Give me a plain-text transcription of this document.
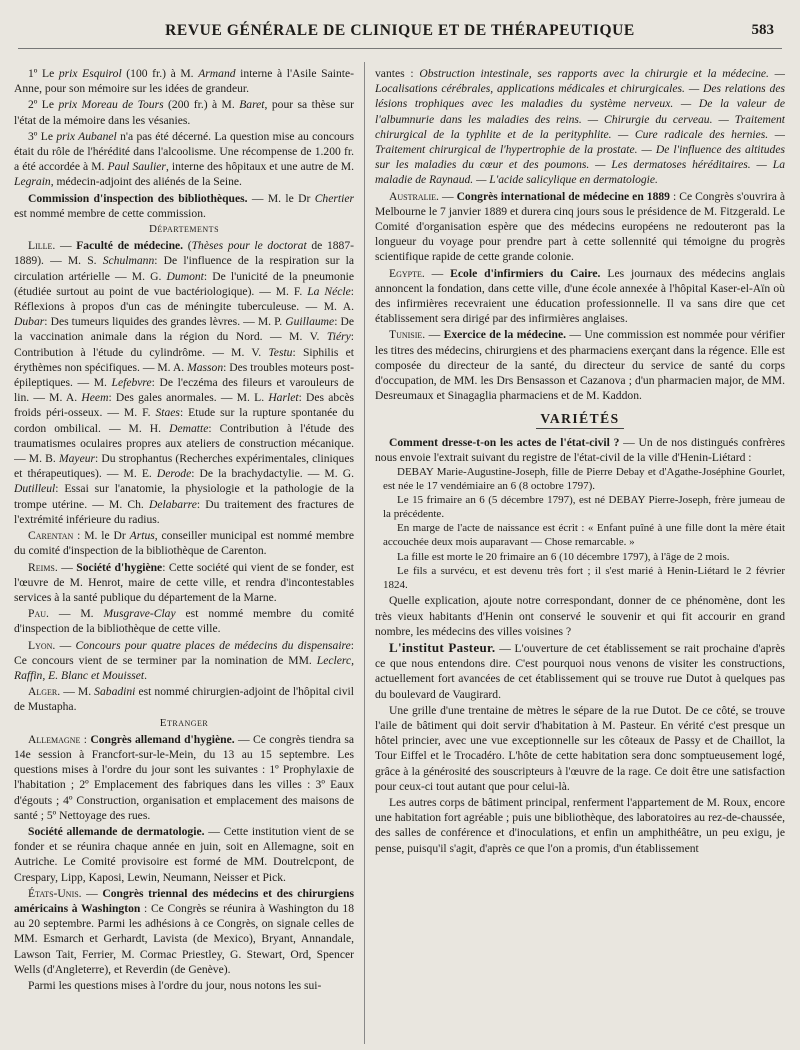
REVUE GÉNÉRALE DE CLINIQUE ET DE THÉRAPEUTIQUE	583

1º Le prix Esquirol (100 fr.) à M. Armand interne à l'Asile Sainte-Anne, pour son mémoire sur les idées de grandeur.

2º Le prix Moreau de Tours (200 fr.) à M. Baret, pour sa thèse sur l'état de la mémoire dans les vésanies.

3º Le prix Aubanel n'a pas été décerné. La question mise au concours était du rôle de l'hérédité dans l'alcoolisme. Une récompense de 1.200 fr. a été accordée à M. Paul Saulier, interne des hôpitaux et une autre de M. Legrain, médecin-adjoint des aliénés de la Seine.

Commission d'inspection des bibliothèques. — M. le Dr Chertier est nommé membre de cette commission.

Départements

Lille. — Faculté de médecine. (Thèses pour le doctorat de 1887-1889). — M. S. Schulmann: De l'influence de la respiration sur la circulation artérielle — M. G. Dumont: De l'unicité de la pneumonie (étudiée surtout au point de vue bactériologique). — M. F. La Nécle: Réflexions à propos d'un cas de méningite tuberculeuse. — M. A. Dubar: Des tumeurs liquides des grandes lèvres. — M. P. Guillaume: De la vaccination animale dans la région du Nord. — M. V. Tiéry: Contribution à l'étude du cylindrôme. — M. V. Testu: Siphilis et érythèmes non spécifiques. — M. A. Masson: Des troubles moteurs post-épileptiques. — M. Lefebvre: De l'eczéma des fileurs et varouleurs de lin. — M. A. Heem: Des gales anormales. — M. L. Harlet: Des abcès froids péri-osseux. — M. F. Staes: Etude sur la rupture spontanée du cordon ombilical. — M. H. Dematte: Contribution à l'étude des traumatismes oculaires propres aux ateliers de construction mécanique. — M. B. Mayeur: Du strophantus (Recherches expérimentales, cliniques et thérapeutiques). — M. E. Derode: De la brachydactylie. — M. G. Dutilleul: Essai sur l'anatomie, la physiologie et la pathologie de la trompe utérine. — M. Ch. Delabarre: Du traitement des fractures de l'extrémité inférieure du radius.

Carentan : M. le Dr Artus, conseiller municipal est nommé membre du comité d'inspection de la bibliothèque de Carenton.

Reims. — Société d'hygiène: Cette société qui vient de se fonder, est l'œuvre de M. Henrot, maire de cette ville, et rendra d'incontestables services à la santé publique du département de la Marne.

Pau. — M. Musgrave-Clay est nommé membre du comité d'inspection de la bibliothèque de cette ville.

Lyon. — Concours pour quatre places de médecins du dispensaire: Ce concours vient de se terminer par la nomination de MM. Leclerc, Raffin, E. Blanc et Mouisset.

Alger. — M. Sabadini est nommé chirurgien-adjoint de l'hôpital civil de Mustapha.

Etranger

Allemagne : Congrès allemand d'hygiène. — Ce congrès tiendra sa 14e session à Francfort-sur-le-Mein, du 13 au 15 septembre. Les questions mises à l'ordre du jour sont les suivantes : 1º Prophylaxie de l'habitation ; 2º Emplacement des fabriques dans les villes : 3º Eaux d'égouts ; 4º Construction, organisation et emplacement des maisons de santé ; 5º Nettoyage des rues.

Société allemande de dermatologie. — Cette institution vient de se fonder et se réunira chaque année en juin, soit en Allemagne, soit en Autriche. Le Comité provisoire est formé de MM. Doutrelcpont, de Crespary, Lipp, Kaposi, Lewin, Neumann, Neisser et Pick.

États-Unis. — Congrès triennal des médecins et des chirurgiens américains à Washington : Ce Congrès se réunira à Washington du 18 au 20 septembre. Parmi les adhésions à ce Congrès, on signale celles de MM. Esmarch et Gerhardt, Lavista (de Mexico), Bryant, Annandale, Lawson Tait, Ferrier, M. Cormac Priestley, G. Stewart, Ord, Spencer Wells (d'Angleterre), et Reverdin (de Genève).

Parmi les questions mises à l'ordre du jour, nous notons les sui-

vantes : Obstruction intestinale, ses rapports avec la chirurgie et la médecine. — Localisations cérébrales, applications médicales et chirurgicales. — Des relations des lésions trophiques avec les maladies du système nerveux. — De la valeur de l'albumnurie dans les maladies des reins. — Chirurgie du cerveau. — Traitement chirurgical de la typhlite et de la perityphlite. — Cure radicale des hernies. — Traitement chirurgical de l'hypertrophie de la prostate. — De l'influence des altitudes sur les maladies du cœur et des poumons. — Les dermatoses héréditaires. — La maladie de Raynaud. — L'acide salicylique en dermatologie.

Australie. — Congrès international de médecine en 1889 : Ce Congrès s'ouvrira à Melbourne le 7 janvier 1889 et durera cinq jours sous le présidence de M. Fitzgerald. Le Comité d'organisation espère que des médecins européens ne redouteront pas la longueur du voyage pour prendre part à cette sollennité qui témoigne du progrès scientifique rapide de cette grande colonie.

Egypte. — Ecole d'infirmiers du Caire. Les journaux des médecins anglais annoncent la fondation, dans cette ville, d'une école annexée à l'hôpital Kaser-el-Aïn où des infirmières recevraient une éducation professionnelle. Il va sans dire que cet établissement sera dirigé par des infirmières anglaises.

Tunisie. — Exercice de la médecine. — Une commission est nommée pour vérifier les titres des médecins, chirurgiens et des pharmaciens exerçant dans la régence. Elle est composée du directeur de la santé, du directeur du service de santé du corps d'occupation, de MM. les Drs Bensasson et Cazanova ; d'un pharmacien major, de MM. Desreumaux et Sinagaglia pharmaciens et de M. Kaddon.

VARIÉTÉS

Comment dresse-t-on les actes de l'état-civil ? — Un de nos distingués confrères nous envoie l'extrait suivant du registre de l'état-civil de la ville d'Henin-Liétard :

DEBAY Marie-Augustine-Joseph, fille de Pierre Debay et d'Agathe-Joséphine Gourlet, est née le 17 vendémiaire an 6 (8 octobre 1797).

Le 15 frimaire an 6 (5 décembre 1797), est né DEBAY Pierre-Joseph, frère jumeau de la précédente.

En marge de l'acte de naissance est écrit : « Enfant puîné à une fille dont la mère était accouchée deux mois auparavant — Chose remarcable. »

La fille est morte le 20 frimaire an 6 (10 décembre 1797), à l'âge de 2 mois.

Le fils a survécu, et est devenu très fort ; il s'est marié à Henin-Liétard le 2 février 1824.

Quelle explication, ajoute notre correspondant, donner de ce phénomène, dont les très vieux habitants d'Henin ont conservé le souvenir et qui fit accourir en grand nombre, les médecins des villes voisines ?

L'institut Pasteur. — L'ouverture de cet établissement se rait prochaine d'après ce que nous entendons dire. C'est pourquoi nous venons de visiter les constructions, actuellement fort avancées de cet établissement qui se trouve rue Dutot à quelques pas du boulevard de Vaugirard.

Une grille d'une trentaine de mètres le sépare de la rue Dutot. De ce côté, se trouve l'aile de bâtiment qui doit servir d'habitation à M. Pasteur. En vérité c'est presque un hôtel princier, avec une vue exceptionnelle sur les côteaux de Passy et de Chaillot, la Tour Eiffel et le Trocadéro. L'hôte de cette habitation sera donc somptueusement logé, grâce à la générosité des souscripteurs à l'œuvre de la rage. Ce doit être une satisfaction pour ceux-ci tout autant que pour celui-là.

Les autres corps de bâtiment principal, renferment l'appartement de M. Roux, encore une habitation fort agréable ; puis une bibliothèque, des laboratoires au rez-de-chaussée, des salles de conférence et d'inoculations, et enfin un amphithéâtre, un peu exigu, je pense, puisqu'il s'agit, d'après ce que l'on a promis, d'un établissement
